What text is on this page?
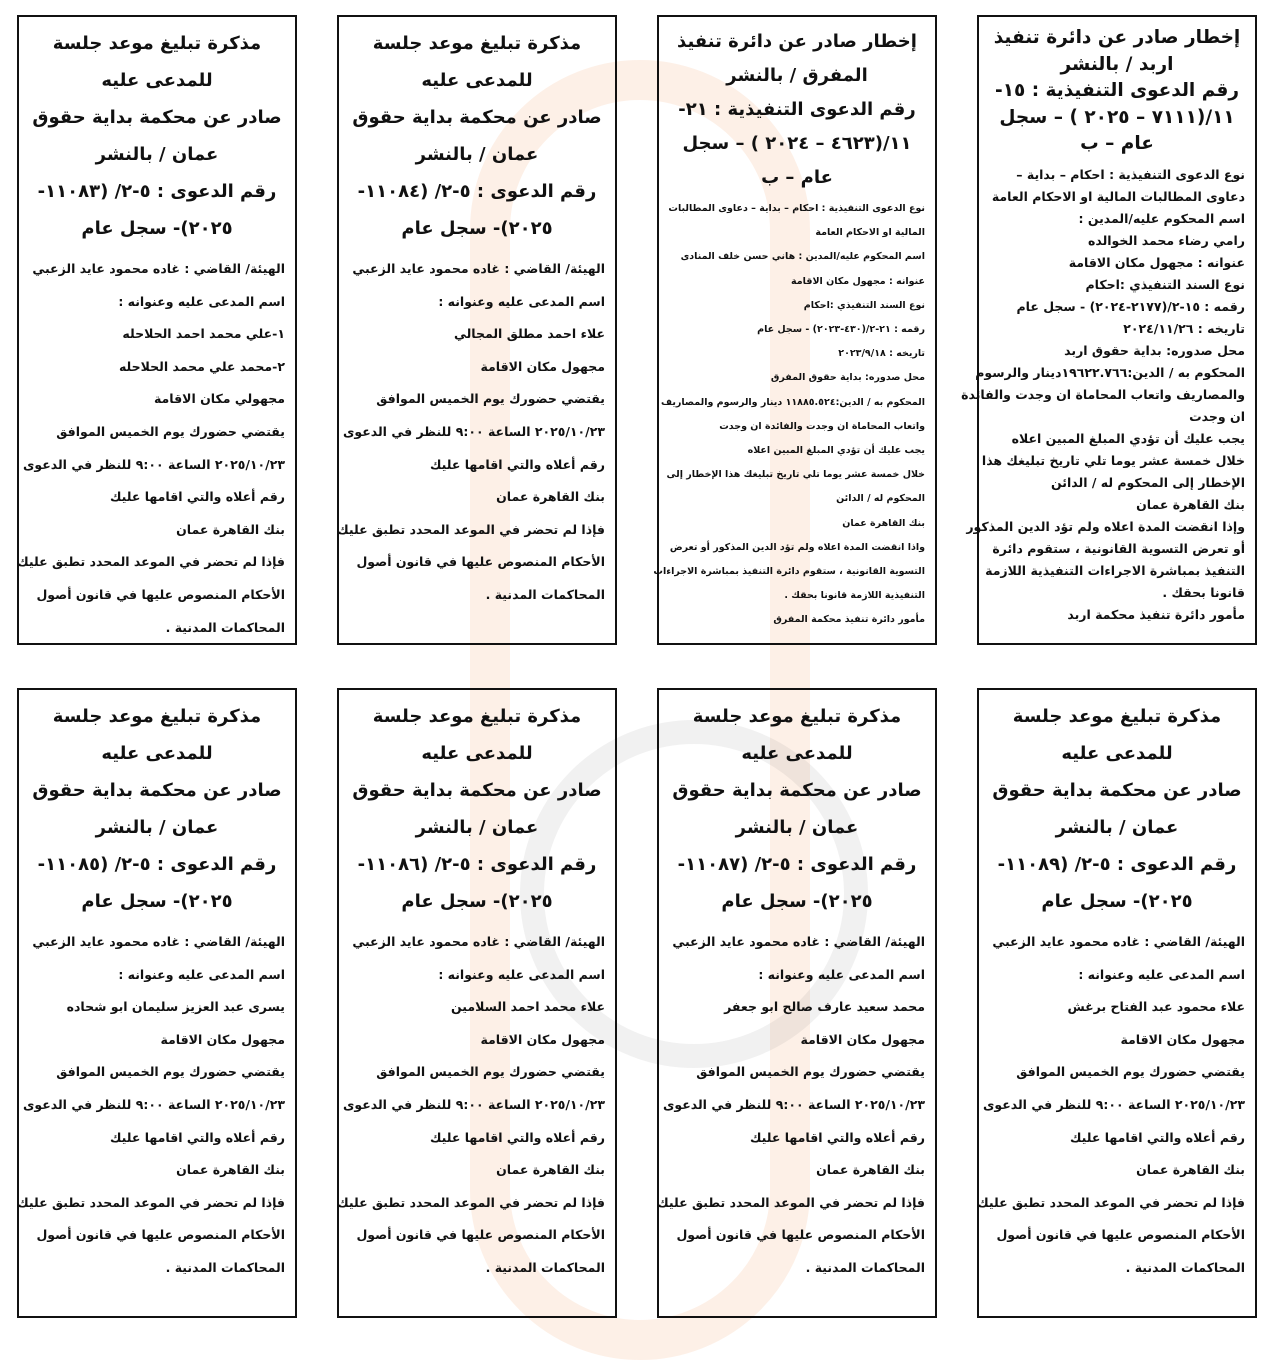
مذكرة تبليغ موعد جلسة
للمدعى عليه
صادر عن محكمة بداية حقوق
عمان / بالنشر
رقم الدعوى : ٥-٢/ (١١٠٨٣-
٢٠٢٥)- سجل عام
الهيئة/ القاضي : غاده محمود عايد الزعبي
اسم المدعى عليه وعنوانه :
١-علي محمد احمد الحلاحله
٢-محمد علي محمد الحلاحله
مجهولي مكان الاقامة
يقتضي حضورك يوم الخميس الموافق
٢٠٢٥/١٠/٢٣ الساعة ٩:٠٠ للنظر في الدعوى
رقم أعلاه والتي اقامها عليك
بنك القاهرة عمان
فإذا لم تحضر في الموعد المحدد تطبق عليك
الأحكام المنصوص عليها في قانون أصول
المحاكمات المدنية .
مذكرة تبليغ موعد جلسة
للمدعى عليه
صادر عن محكمة بداية حقوق
عمان / بالنشر
رقم الدعوى : ٥-٢/ (١١٠٨٤-
٢٠٢٥)- سجل عام
الهيئة/ القاضي : غاده محمود عايد الزعبي
اسم المدعى عليه وعنوانه :
علاء احمد مطلق المجالي
مجهول مكان الاقامة
يقتضي حضورك يوم الخميس الموافق
٢٠٢٥/١٠/٢٣ الساعة ٩:٠٠ للنظر في الدعوى
رقم أعلاه والتي اقامها عليك
بنك القاهرة عمان
فإذا لم تحضر في الموعد المحدد تطبق عليك
الأحكام المنصوص عليها في قانون أصول
المحاكمات المدنية .
إخطار صادر عن دائرة تنفيذ
المفرق / بالنشر
رقم الدعوى التنفيذية : ٢١-
١١/(٤٦٢٣ – ٢٠٢٤ ) – سجل
عام – ب
نوع الدعوى التنفيذية : احكام – بداية – دعاوى المطالبات
المالية او الاحكام العامة
اسم المحكوم عليه/المدين : هاني حسن خلف المنادى
عنوانه : مجهول مكان الاقامة
نوع السند التنفيذي :احكام
رقمه : ٢١-٢/(٤٣٠-٢٠٢٣) - سجل عام
تاريخه : ٢٠٢٣/٩/١٨
محل صدوره: بداية حقوق المفرق
المحكوم به / الدين:١١٨٨٥.٥٢٤ دينار والرسوم والمصاريف
واتعاب المحاماة ان وجدت والفائدة ان وجدت
يجب عليك أن تؤدي المبلغ المبين اعلاه
خلال خمسة عشر يوما تلي تاريخ تبليغك هذا الإخطار إلى
المحكوم له / الدائن
بنك القاهرة عمان
واذا انقضت المدة اعلاه ولم تؤد الدين المذكور أو تعرض
التسوية القانونية ، ستقوم دائرة التنفيذ بمباشرة الاجراءات
التنفيذية اللازمة قانونا بحقك .
مأمور دائرة تنفيذ محكمة المفرق
إخطار صادر عن دائرة تنفيذ
اربد / بالنشر
رقم الدعوى التنفيذية : ١٥-
١١/(٧١١١ – ٢٠٢٥ ) – سجل
عام – ب
نوع الدعوى التنفيذية : احكام – بداية –
دعاوى المطالبات المالية او الاحكام العامة
اسم المحكوم عليه/المدين :
رامي رضاء محمد الخوالده
عنوانه : مجهول مكان الاقامة
نوع السند التنفيذي :احكام
رقمه : ١٥-٢/(٢١٧٧-٢٠٢٤) - سجل عام
تاريخه : ٢٠٢٤/١١/٢٦
محل صدوره: بداية حقوق اربد
المحكوم به / الدين:١٩٦٢٢.٧٦٦دينار والرسوم
والمصاريف واتعاب المحاماة ان وجدت والفائدة
ان وجدت
يجب عليك أن تؤدي المبلغ المبين اعلاه
خلال خمسة عشر يوما تلي تاريخ تبليغك هذا
الإخطار إلى المحكوم له / الدائن
بنك القاهرة عمان
وإذا انقضت المدة اعلاه ولم تؤد الدين المذكور
أو تعرض التسوية القانونية ، ستقوم دائرة
التنفيذ بمباشرة الاجراءات التنفيذية اللازمة
قانونا بحقك .
مأمور دائرة تنفيذ محكمة اربد
مذكرة تبليغ موعد جلسة
للمدعى عليه
صادر عن محكمة بداية حقوق
عمان / بالنشر
رقم الدعوى : ٥-٢/ (١١٠٨٥-
٢٠٢٥)- سجل عام
الهيئة/ القاضي : غاده محمود عايد الزعبي
اسم المدعى عليه وعنوانه :
يسرى عبد العزيز سليمان ابو شحاده
مجهول مكان الاقامة
يقتضي حضورك يوم الخميس الموافق
٢٠٢٥/١٠/٢٣ الساعة ٩:٠٠ للنظر في الدعوى
رقم أعلاه والتي اقامها عليك
بنك القاهرة عمان
فإذا لم تحضر في الموعد المحدد تطبق عليك
الأحكام المنصوص عليها في قانون أصول
المحاكمات المدنية .
مذكرة تبليغ موعد جلسة
للمدعى عليه
صادر عن محكمة بداية حقوق
عمان / بالنشر
رقم الدعوى : ٥-٢/ (١١٠٨٦-
٢٠٢٥)- سجل عام
الهيئة/ القاضي : غاده محمود عايد الزعبي
اسم المدعى عليه وعنوانه :
علاء محمد احمد السلامين
مجهول مكان الاقامة
يقتضي حضورك يوم الخميس الموافق
٢٠٢٥/١٠/٢٣ الساعة ٩:٠٠ للنظر في الدعوى
رقم أعلاه والتي اقامها عليك
بنك القاهرة عمان
فإذا لم تحضر في الموعد المحدد تطبق عليك
الأحكام المنصوص عليها في قانون أصول
المحاكمات المدنية .
مذكرة تبليغ موعد جلسة
للمدعى عليه
صادر عن محكمة بداية حقوق
عمان / بالنشر
رقم الدعوى : ٥-٢/ (١١٠٨٧-
٢٠٢٥)- سجل عام
الهيئة/ القاضي : غاده محمود عايد الزعبي
اسم المدعى عليه وعنوانه :
محمد سعيد عارف صالح ابو جعفر
مجهول مكان الاقامة
يقتضي حضورك يوم الخميس الموافق
٢٠٢٥/١٠/٢٣ الساعة ٩:٠٠ للنظر في الدعوى
رقم أعلاه والتي اقامها عليك
بنك القاهرة عمان
فإذا لم تحضر في الموعد المحدد تطبق عليك
الأحكام المنصوص عليها في قانون أصول
المحاكمات المدنية .
مذكرة تبليغ موعد جلسة
للمدعى عليه
صادر عن محكمة بداية حقوق
عمان / بالنشر
رقم الدعوى : ٥-٢/ (١١٠٨٩-
٢٠٢٥)- سجل عام
الهيئة/ القاضي : غاده محمود عايد الزعبي
اسم المدعى عليه وعنوانه :
علاء محمود عبد الفتاح برغش
مجهول مكان الاقامة
يقتضي حضورك يوم الخميس الموافق
٢٠٢٥/١٠/٢٣ الساعة ٩:٠٠ للنظر في الدعوى
رقم أعلاه والتي اقامها عليك
بنك القاهرة عمان
فإذا لم تحضر في الموعد المحدد تطبق عليك
الأحكام المنصوص عليها في قانون أصول
المحاكمات المدنية .
